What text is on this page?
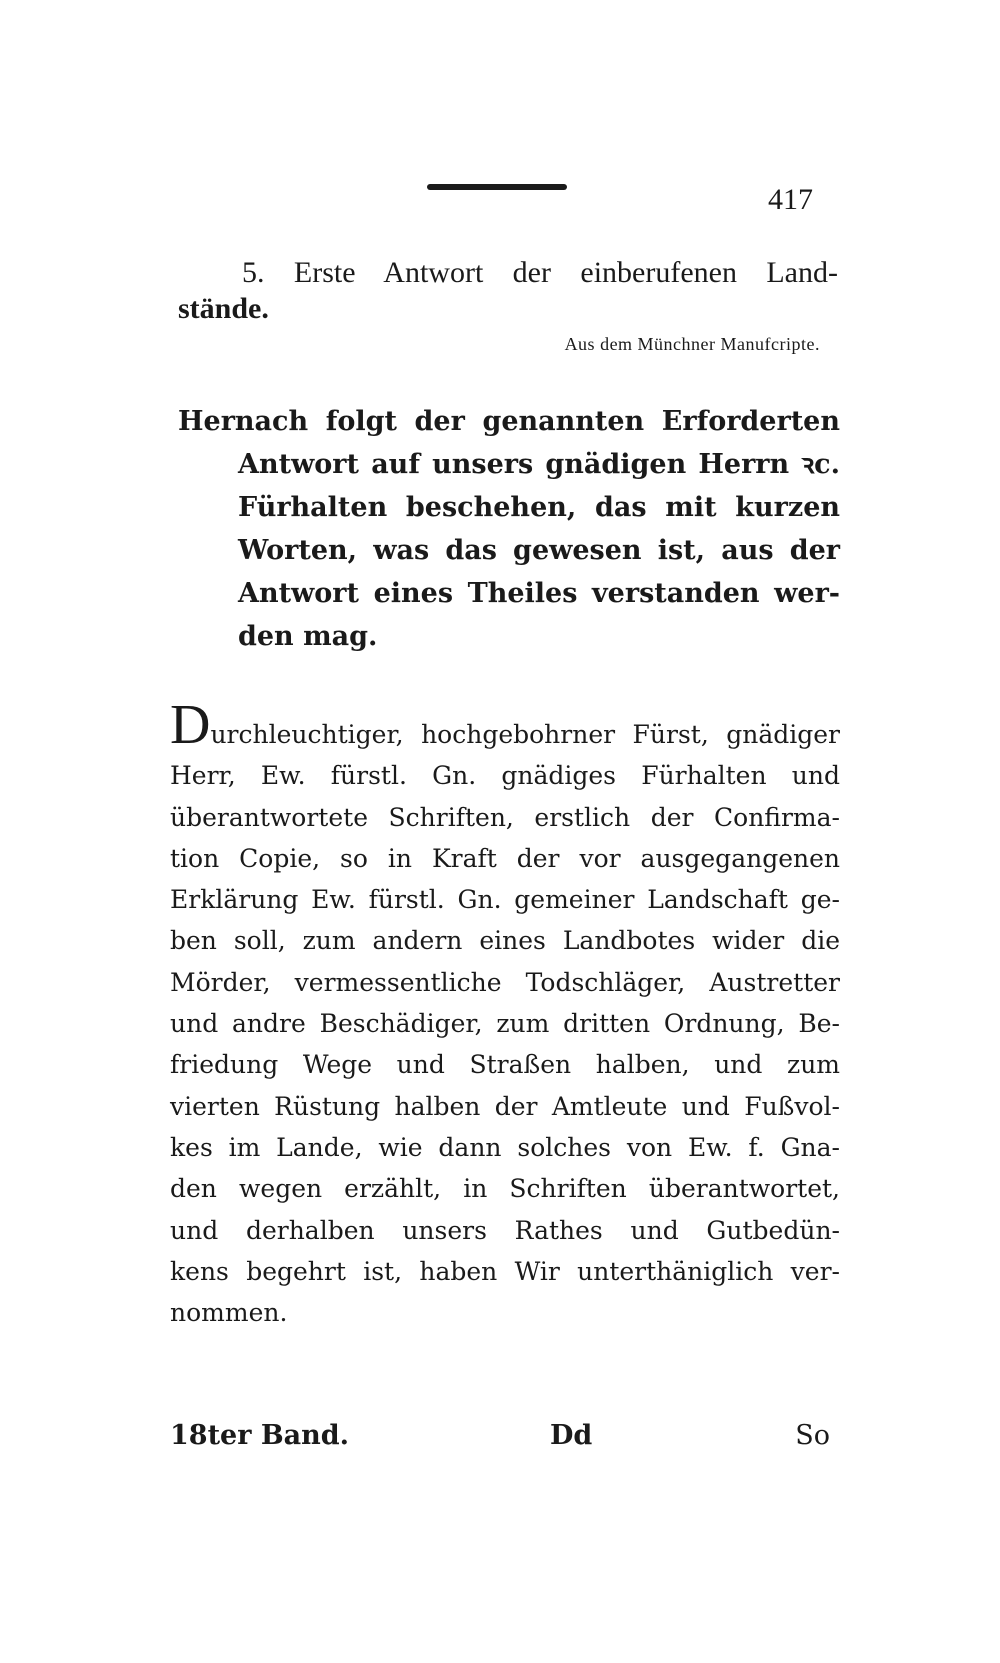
417
5. Erste Antwort der einberufenen Land-
stände.
Aus dem Münchner Manufcripte.
Hernach folgt der genannten Erforderten
Antwort auf unsers gnädigen Herrn ꝛc.
Fürhalten beschehen, das mit kurzen
Worten, was das gewesen ist, aus der
Antwort eines Theiles verstanden wer-
den mag.
Durchleuchtiger, hochgebohrner Fürst, gnädiger
Herr, Ew. fürstl. Gn. gnädiges Fürhalten und
überantwortete Schriften, erstlich der Confirma-
tion Copie, so in Kraft der vor ausgegangenen
Erklärung Ew. fürstl. Gn. gemeiner Landschaft ge-
ben soll, zum andern eines Landbotes wider die
Mörder, vermessentliche Todschläger, Austretter
und andre Beschädiger, zum dritten Ordnung, Be-
friedung Wege und Straßen halben, und zum
vierten Rüstung halben der Amtleute und Fußvol-
kes im Lande, wie dann solches von Ew. f. Gna-
den wegen erzählt, in Schriften überantwortet,
und derhalben unsers Rathes und Gutbedün-
kens begehrt ist, haben Wir unterthäniglich ver-
nommen.
18ter Band.	Dd	So
